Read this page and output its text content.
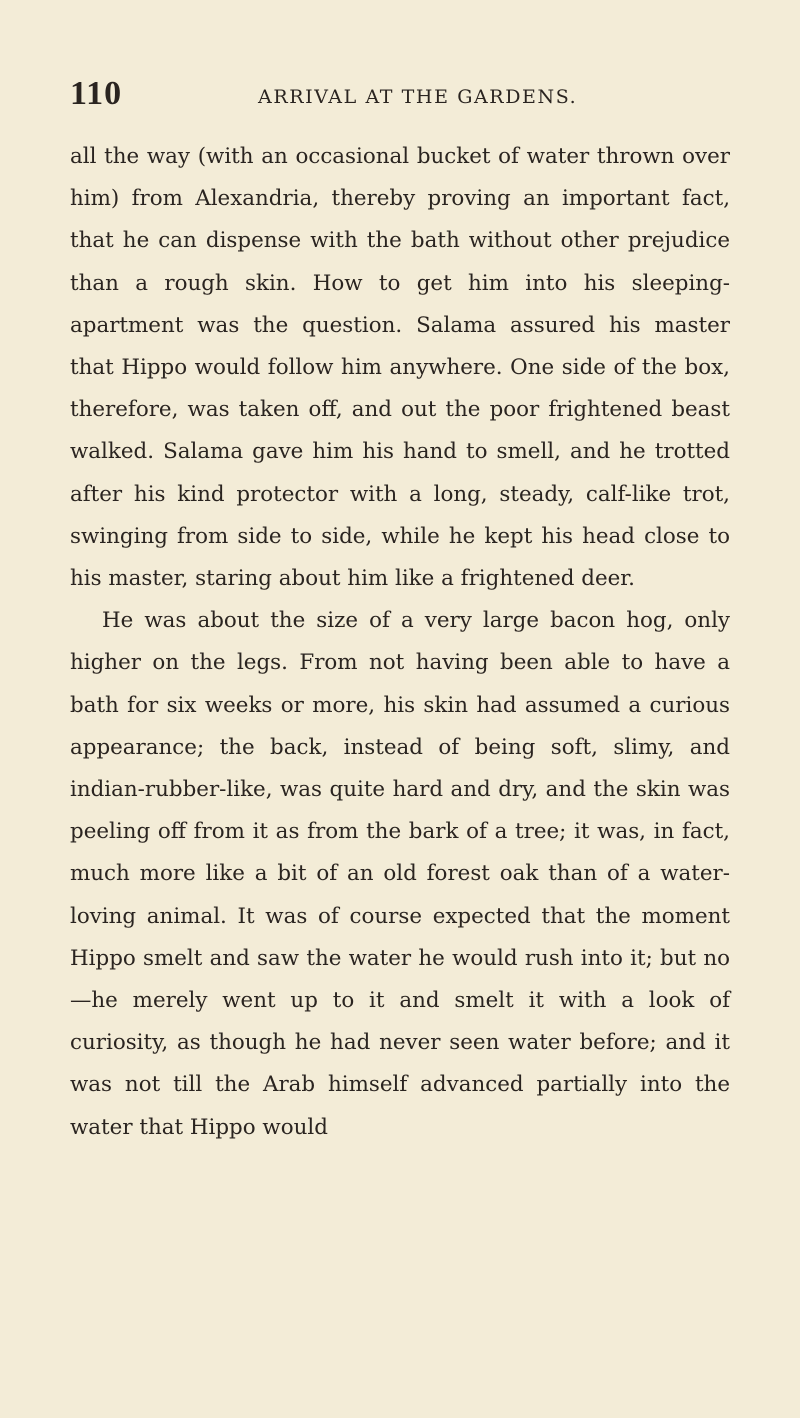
110	ARRIVAL AT THE GARDENS.

all the way (with an occasional bucket of water thrown over him) from Alexandria, thereby proving an important fact, that he can dispense with the bath without other prejudice than a rough skin. How to get him into his sleeping-apartment was the question. Salama assured his master that Hippo would follow him anywhere. One side of the box, therefore, was taken off, and out the poor frightened beast walked. Salama gave him his hand to smell, and he trotted after his kind protector with a long, steady, calf-like trot, swinging from side to side, while he kept his head close to his master, staring about him like a frightened deer.

He was about the size of a very large bacon hog, only higher on the legs. From not having been able to have a bath for six weeks or more, his skin had assumed a curious appearance; the back, instead of being soft, slimy, and indian-rubber-like, was quite hard and dry, and the skin was peeling off from it as from the bark of a tree; it was, in fact, much more like a bit of an old forest oak than of a water-loving animal. It was of course expected that the moment Hippo smelt and saw the water he would rush into it; but no—he merely went up to it and smelt it with a look of curiosity, as though he had never seen water before; and it was not till the Arab himself advanced partially into the water that Hippo would
